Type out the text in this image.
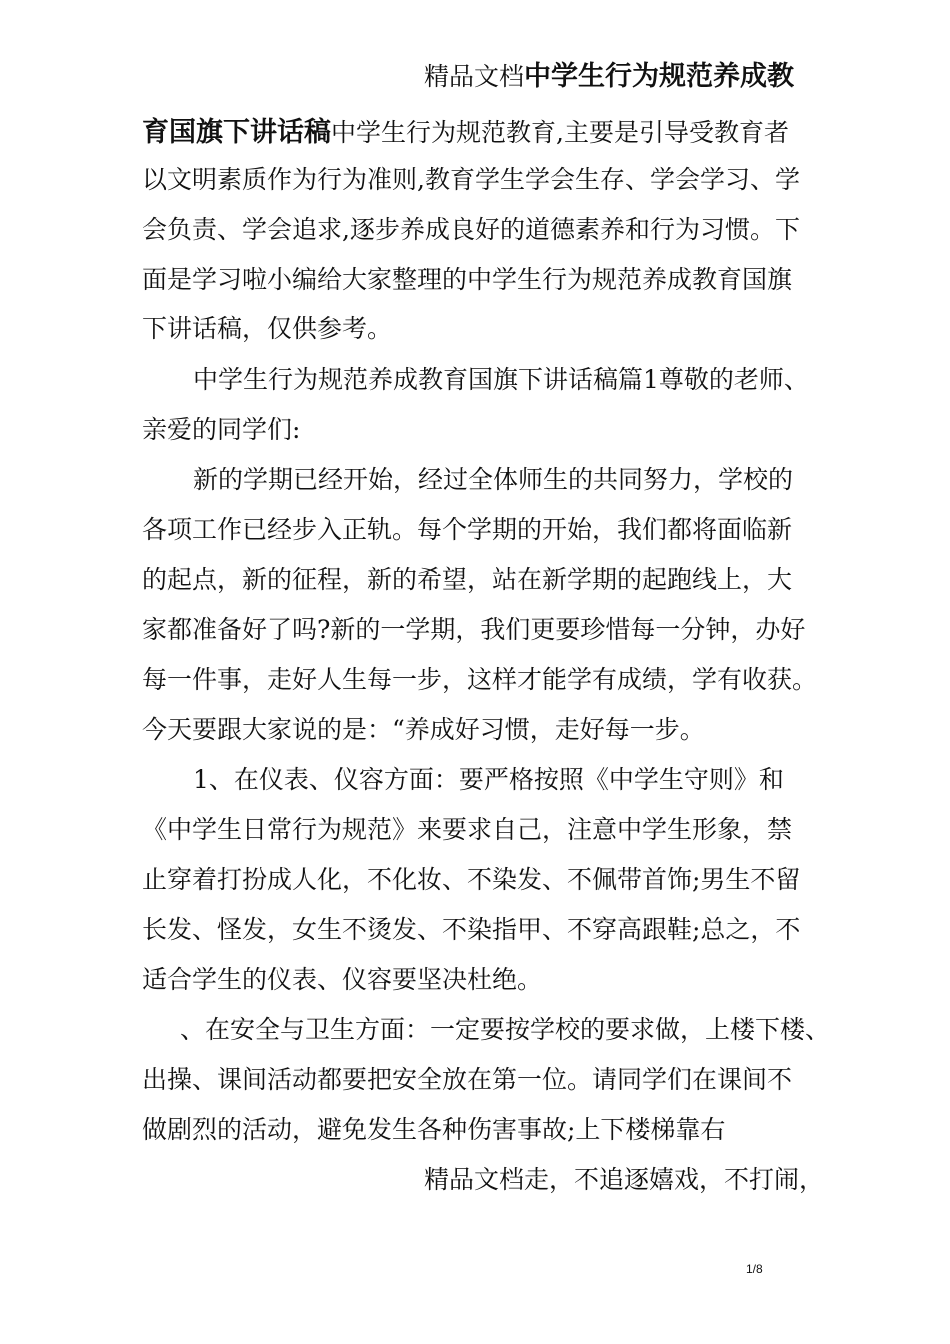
精品文档中学生行为规范养成教
育国旗下讲话稿中学生行为规范教育,主要是引导受教育者
以文明素质作为行为准则,教育学生学会生存、学会学习、学
会负责、学会追求,逐步养成良好的道德素养和行为习惯。下
面是学习啦小编给大家整理的中学生行为规范养成教育国旗
下讲话稿，仅供参考。
中学生行为规范养成教育国旗下讲话稿篇1尊敬的老师、
亲爱的同学们:
新的学期已经开始，经过全体师生的共同努力，学校的
各项工作已经步入正轨。每个学期的开始，我们都将面临新
的起点，新的征程，新的希望，站在新学期的起跑线上，大
家都准备好了吗?新的一学期，我们更要珍惜每一分钟，办好
每一件事，走好人生每一步，这样才能学有成绩，学有收获。
今天要跟大家说的是：“养成好习惯，走好每一步。
1、在仪表、仪容方面：要严格按照《中学生守则》和
《中学生日常行为规范》来要求自己，注意中学生形象，禁
止穿着打扮成人化，不化妆、不染发、不佩带首饰;男生不留
长发、怪发，女生不烫发、不染指甲、不穿高跟鞋;总之，不
适合学生的仪表、仪容要坚决杜绝。
、在安全与卫生方面：一定要按学校的要求做，上楼下楼、
出操、课间活动都要把安全放在第一位。请同学们在课间不
做剧烈的活动，避免发生各种伤害事故;上下楼梯靠右
精品文档走，不追逐嬉戏，不打闹，
1/8
